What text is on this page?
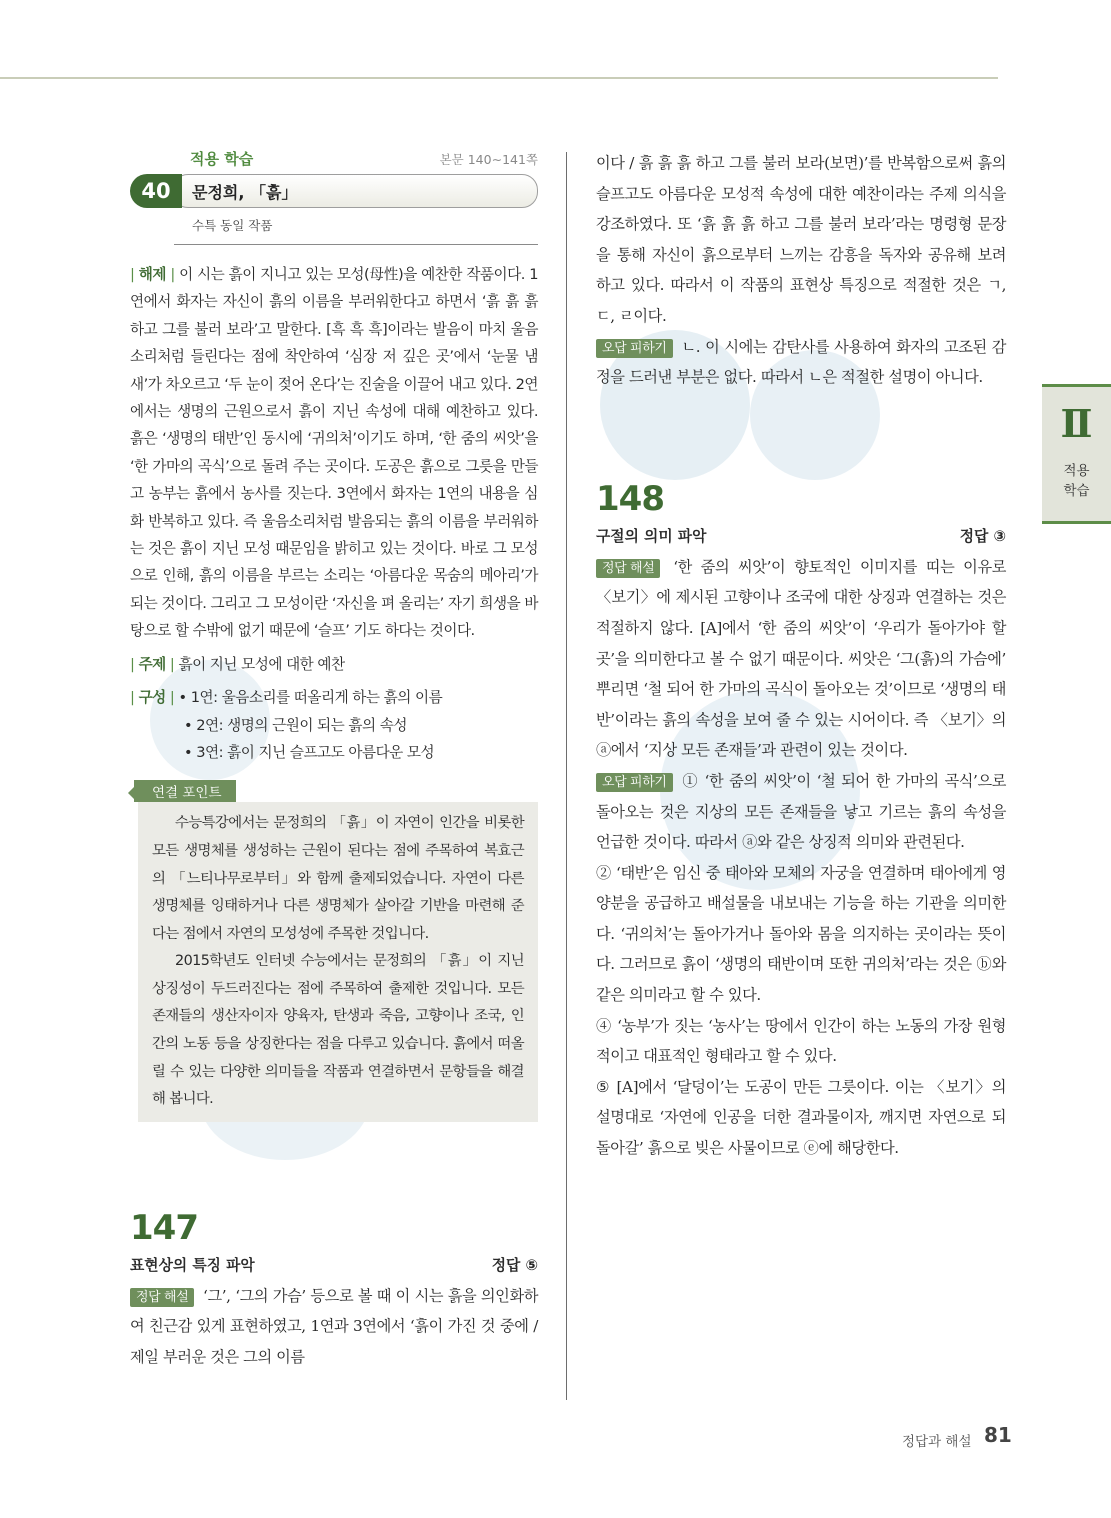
적용 학습	본문 140∼141쪽
40	문정희, 「흙」
수특 동일 작품

| 해제 | 이 시는 흙이 지니고 있는 모성(母性)을 예찬한 작품이다. 1연에서 화자는 자신이 흙의 이름을 부러워한다고 하면서 ‘흙 흙 흙하고 그를 불러 보라’고 말한다. [흑 흑 흑]이라는 발음이 마치 울음소리처럼 들린다는 점에 착안하여 ‘심장 저 깊은 곳’에서 ‘눈물 냄새’가 차오르고 ‘두 눈이 젖어 온다’는 진술을 이끌어 내고 있다. 2연에서는 생명의 근원으로서 흙이 지닌 속성에 대해 예찬하고 있다. 흙은 ‘생명의 태반’인 동시에 ‘귀의처’이기도 하며, ‘한 줌의 씨앗’을 ‘한 가마의 곡식’으로 돌려 주는 곳이다. 도공은 흙으로 그릇을 만들고 농부는 흙에서 농사를 짓는다. 3연에서 화자는 1연의 내용을 심화 반복하고 있다. 즉 울음소리처럼 발음되는 흙의 이름을 부러워하는 것은 흙이 지닌 모성 때문임을 밝히고 있는 것이다. 바로 그 모성으로 인해, 흙의 이름을 부르는 소리는 ‘아름다운 목숨의 메아리’가 되는 것이다. 그리고 그 모성이란 ‘자신을 펴 올리는’ 자기 희생을 바탕으로 할 수밖에 없기 때문에 ‘슬프’ 기도 하다는 것이다.

| 주제 | 흙이 지닌 모성에 대한 예찬

| 구성 | • 1연: 울음소리를 떠올리게 하는 흙의 이름

• 2연: 생명의 근원이 되는 흙의 속성
• 3연: 흙이 지닌 슬프고도 아름다운 모성
연결 포인트

수능특강에서는 문정희의 「흙」이 자연이 인간을 비롯한 모든 생명체를 생성하는 근원이 된다는 점에 주목하여 복효근의 「느티나무로부터」와 함께 출제되었습니다. 자연이 다른 생명체를 잉태하거나 다른 생명체가 살아갈 기반을 마련해 준다는 점에서 자연의 모성성에 주목한 것입니다.

2015학년도 인터넷 수능에서는 문정희의 「흙」이 지닌 상징성이 두드러진다는 점에 주목하여 출제한 것입니다. 모든 존재들의 생산자이자 양육자, 탄생과 죽음, 고향이나 조국, 인간의 노동 등을 상징한다는 점을 다루고 있습니다. 흙에서 떠올릴 수 있는 다양한 의미들을 작품과 연결하면서 문항들을 해결해 봅니다.

147
표현상의 특징 파악	정답 ⑤

정답 해설 ‘그’, ‘그의 가슴’ 등으로 볼 때 이 시는 흙을 의인화하여 친근감 있게 표현하였고, 1연과 3연에서 ‘흙이 가진 것 중에 / 제일 부러운 것은 그의 이름

이다 / 흙 흙 흙 하고 그를 불러 보라(보면)’를 반복함으로써 흙의 슬프고도 아름다운 모성적 속성에 대한 예찬이라는 주제 의식을 강조하였다. 또 ‘흙 흙 흙 하고 그를 불러 보라’라는 명령형 문장을 통해 자신이 흙으로부터 느끼는 감흥을 독자와 공유해 보려 하고 있다. 따라서 이 작품의 표현상 특징으로 적절한 것은 ㄱ, ㄷ, ㄹ이다.

오답 피하기 ㄴ. 이 시에는 감탄사를 사용하여 화자의 고조된 감정을 드러낸 부분은 없다. 따라서 ㄴ은 적절한 설명이 아니다.

148
구절의 의미 파악	정답 ③

정답 해설 ‘한 줌의 씨앗’이 향토적인 이미지를 띠는 이유로 〈보기〉에 제시된 고향이나 조국에 대한 상징과 연결하는 것은 적절하지 않다. [A]에서 ‘한 줌의 씨앗’이 ‘우리가 돌아가야 할 곳’을 의미한다고 볼 수 없기 때문이다. 씨앗은 ‘그(흙)의 가슴에’ 뿌리면 ‘철 되어 한 가마의 곡식이 돌아오는 것’이므로 ‘생명의 태반’이라는 흙의 속성을 보여 줄 수 있는 시어이다. 즉 〈보기〉의 ⓐ에서 ‘지상 모든 존재들’과 관련이 있는 것이다.

오답 피하기 ① ‘한 줌의 씨앗’이 ‘철 되어 한 가마의 곡식’으로 돌아오는 것은 지상의 모든 존재들을 낳고 기르는 흙의 속성을 언급한 것이다. 따라서 ⓐ와 같은 상징적 의미와 관련된다.

② ‘태반’은 임신 중 태아와 모체의 자궁을 연결하며 태아에게 영양분을 공급하고 배설물을 내보내는 기능을 하는 기관을 의미한다. ‘귀의처’는 돌아가거나 돌아와 몸을 의지하는 곳이라는 뜻이다. 그러므로 흙이 ‘생명의 태반이며 또한 귀의처’라는 것은 ⓑ와 같은 의미라고 할 수 있다.

④ ‘농부’가 짓는 ‘농사’는 땅에서 인간이 하는 노동의 가장 원형적이고 대표적인 형태라고 할 수 있다.

⑤ [A]에서 ‘달덩이’는 도공이 만든 그릇이다. 이는 〈보기〉의 설명대로 ‘자연에 인공을 더한 결과물이자, 깨지면 자연으로 되돌아갈’ 흙으로 빚은 사물이므로 ⓔ에 해당한다.

Ⅱ
적용
학습
정답과 해설 81
